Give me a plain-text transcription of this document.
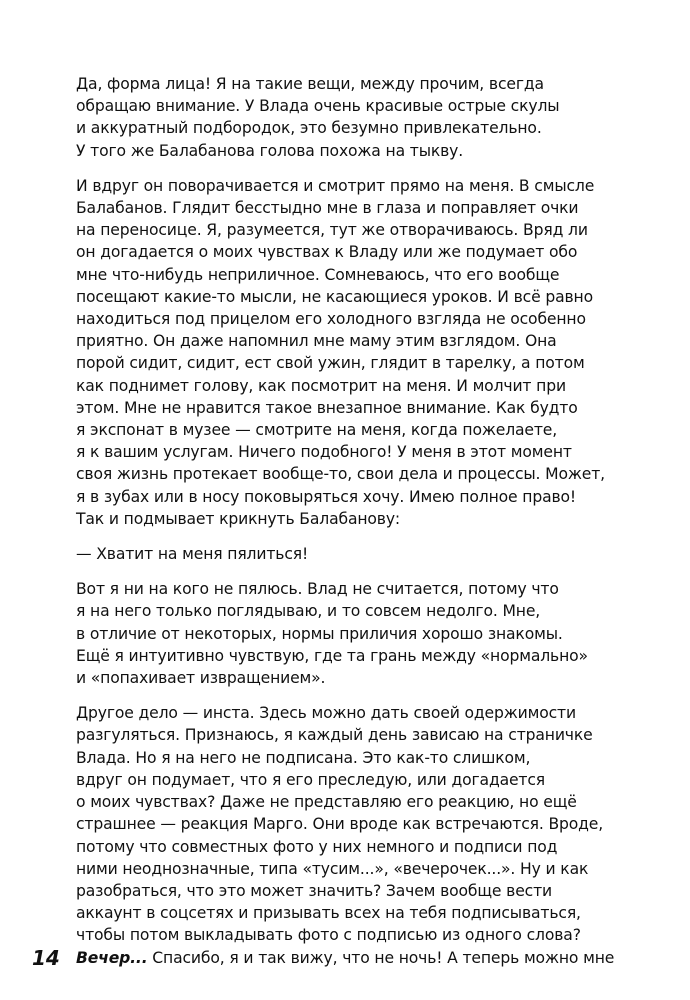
Да, форма лица! Я на такие вещи, между прочим, всегда
обращаю внимание. У Влада очень красивые острые скулы
и аккуратный подбородок, это безумно привлекательно.
У того же Балабанова голова похожа на тыкву.
И вдруг он поворачивается и смотрит прямо на меня. В смысле
Балабанов. Глядит бесстыдно мне в глаза и поправляет очки
на переносице. Я, разумеется, тут же отворачиваюсь. Вряд ли
он догадается о моих чувствах к Владу или же подумает обо
мне что-нибудь неприличное. Сомневаюсь, что его вообще
посещают какие-то мысли, не касающиеся уроков. И всё равно
находиться под прицелом его холодного взгляда не особенно
приятно. Он даже напомнил мне маму этим взглядом. Она
порой сидит, сидит, ест свой ужин, глядит в тарелку, а потом
как поднимет голову, как посмотрит на меня. И молчит при
этом. Мне не нравится такое внезапное внимание. Как будто
я экспонат в музее — смотрите на меня, когда пожелаете,
я к вашим услугам. Ничего подобного! У меня в этот момент
своя жизнь протекает вообще-то, свои дела и процессы. Может,
я в зубах или в носу поковыряться хочу. Имею полное право!
Так и подмывает крикнуть Балабанову:
— Хватит на меня пялиться!
Вот я ни на кого не пялюсь. Влад не считается, потому что
я на него только поглядываю, и то совсем недолго. Мне,
в отличие от некоторых, нормы приличия хорошо знакомы.
Ещё я интуитивно чувствую, где та грань между «нормально»
и «попахивает извращением».
Другое дело — инста. Здесь можно дать своей одержимости
разгуляться. Признаюсь, я каждый день зависаю на страничке
Влада. Но я на него не подписана. Это как-то слишком,
вдруг он подумает, что я его преследую, или догадается
о моих чувствах? Даже не представляю его реакцию, но ещё
страшнее — реакция Марго. Они вроде как встречаются. Вроде,
потому что совместных фото у них немного и подписи под
ними неоднозначные, типа «тусим...», «вечерочек...». Ну и как
разобраться, что это может значить? Зачем вообще вести
аккаунт в соцсетях и призывать всех на тебя подписываться,
чтобы потом выкладывать фото с подписью из одного слова?
Вечер... Спасибо, я и так вижу, что не ночь! А теперь можно мне
14
